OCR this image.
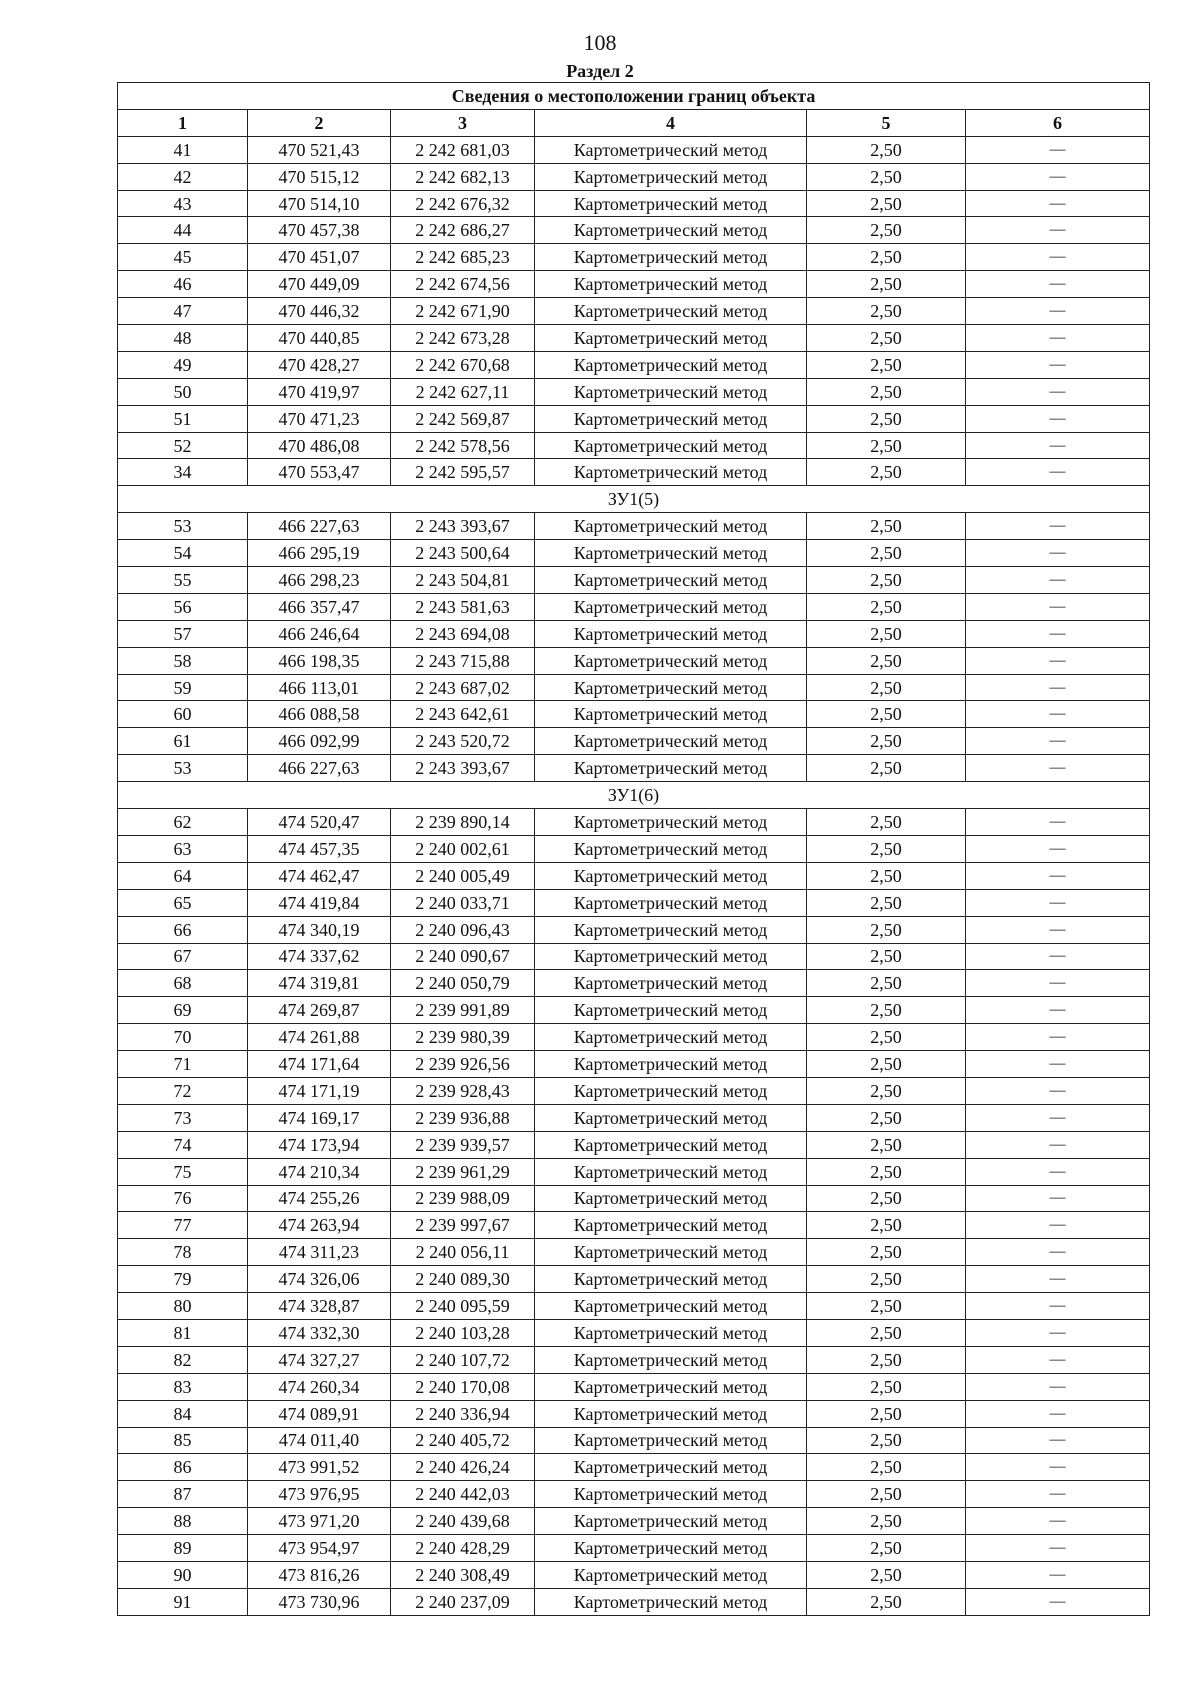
108
Раздел 2
Сведения о местоположении границ объекта					
1	2	3	4	5	6
41	470 521,43	2 242 681,03	Картометрический метод	2,50	—
42	470 515,12	2 242 682,13	Картометрический метод	2,50	—
43	470 514,10	2 242 676,32	Картометрический метод	2,50	—
44	470 457,38	2 242 686,27	Картометрический метод	2,50	—
45	470 451,07	2 242 685,23	Картометрический метод	2,50	—
46	470 449,09	2 242 674,56	Картометрический метод	2,50	—
47	470 446,32	2 242 671,90	Картометрический метод	2,50	—
48	470 440,85	2 242 673,28	Картометрический метод	2,50	—
49	470 428,27	2 242 670,68	Картометрический метод	2,50	—
50	470 419,97	2 242 627,11	Картометрический метод	2,50	—
51	470 471,23	2 242 569,87	Картометрический метод	2,50	—
52	470 486,08	2 242 578,56	Картометрический метод	2,50	—
34	470 553,47	2 242 595,57	Картометрический метод	2,50	—
ЗУ1(5)					
53	466 227,63	2 243 393,67	Картометрический метод	2,50	—
54	466 295,19	2 243 500,64	Картометрический метод	2,50	—
55	466 298,23	2 243 504,81	Картометрический метод	2,50	—
56	466 357,47	2 243 581,63	Картометрический метод	2,50	—
57	466 246,64	2 243 694,08	Картометрический метод	2,50	—
58	466 198,35	2 243 715,88	Картометрический метод	2,50	—
59	466 113,01	2 243 687,02	Картометрический метод	2,50	—
60	466 088,58	2 243 642,61	Картометрический метод	2,50	—
61	466 092,99	2 243 520,72	Картометрический метод	2,50	—
53	466 227,63	2 243 393,67	Картометрический метод	2,50	—
ЗУ1(6)					
62	474 520,47	2 239 890,14	Картометрический метод	2,50	—
63	474 457,35	2 240 002,61	Картометрический метод	2,50	—
64	474 462,47	2 240 005,49	Картометрический метод	2,50	—
65	474 419,84	2 240 033,71	Картометрический метод	2,50	—
66	474 340,19	2 240 096,43	Картометрический метод	2,50	—
67	474 337,62	2 240 090,67	Картометрический метод	2,50	—
68	474 319,81	2 240 050,79	Картометрический метод	2,50	—
69	474 269,87	2 239 991,89	Картометрический метод	2,50	—
70	474 261,88	2 239 980,39	Картометрический метод	2,50	—
71	474 171,64	2 239 926,56	Картометрический метод	2,50	—
72	474 171,19	2 239 928,43	Картометрический метод	2,50	—
73	474 169,17	2 239 936,88	Картометрический метод	2,50	—
74	474 173,94	2 239 939,57	Картометрический метод	2,50	—
75	474 210,34	2 239 961,29	Картометрический метод	2,50	—
76	474 255,26	2 239 988,09	Картометрический метод	2,50	—
77	474 263,94	2 239 997,67	Картометрический метод	2,50	—
78	474 311,23	2 240 056,11	Картометрический метод	2,50	—
79	474 326,06	2 240 089,30	Картометрический метод	2,50	—
80	474 328,87	2 240 095,59	Картометрический метод	2,50	—
81	474 332,30	2 240 103,28	Картометрический метод	2,50	—
82	474 327,27	2 240 107,72	Картометрический метод	2,50	—
83	474 260,34	2 240 170,08	Картометрический метод	2,50	—
84	474 089,91	2 240 336,94	Картометрический метод	2,50	—
85	474 011,40	2 240 405,72	Картометрический метод	2,50	—
86	473 991,52	2 240 426,24	Картометрический метод	2,50	—
87	473 976,95	2 240 442,03	Картометрический метод	2,50	—
88	473 971,20	2 240 439,68	Картометрический метод	2,50	—
89	473 954,97	2 240 428,29	Картометрический метод	2,50	—
90	473 816,26	2 240 308,49	Картометрический метод	2,50	—
91	473 730,96	2 240 237,09	Картометрический метод	2,50	—
